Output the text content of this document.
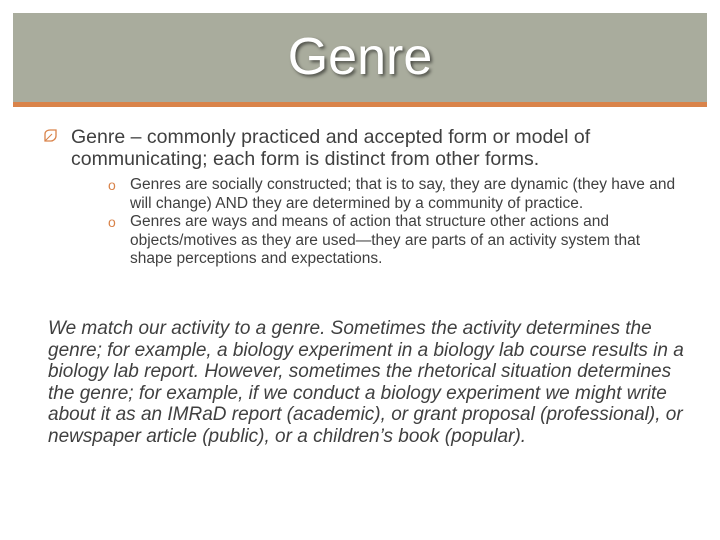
Genre
Genre – commonly practiced and accepted form or model of communicating; each form is distinct from other forms.
o Genres are socially constructed; that is to say, they are dynamic (they have and will change) AND they are determined by a community of practice.
o Genres are ways and means of action that structure other actions and objects/motives as they are used—they are parts of an activity system that shape perceptions and expectations.

We match our activity to a genre. Sometimes the activity determines the genre; for example, a biology experiment in a biology lab course results in a biology lab report. However, sometimes the rhetorical situation determines the genre; for example, if we conduct a biology experiment we might write about it as an IMRaD report (academic), or grant proposal (professional), or newspaper article (public), or a children’s book (popular).
